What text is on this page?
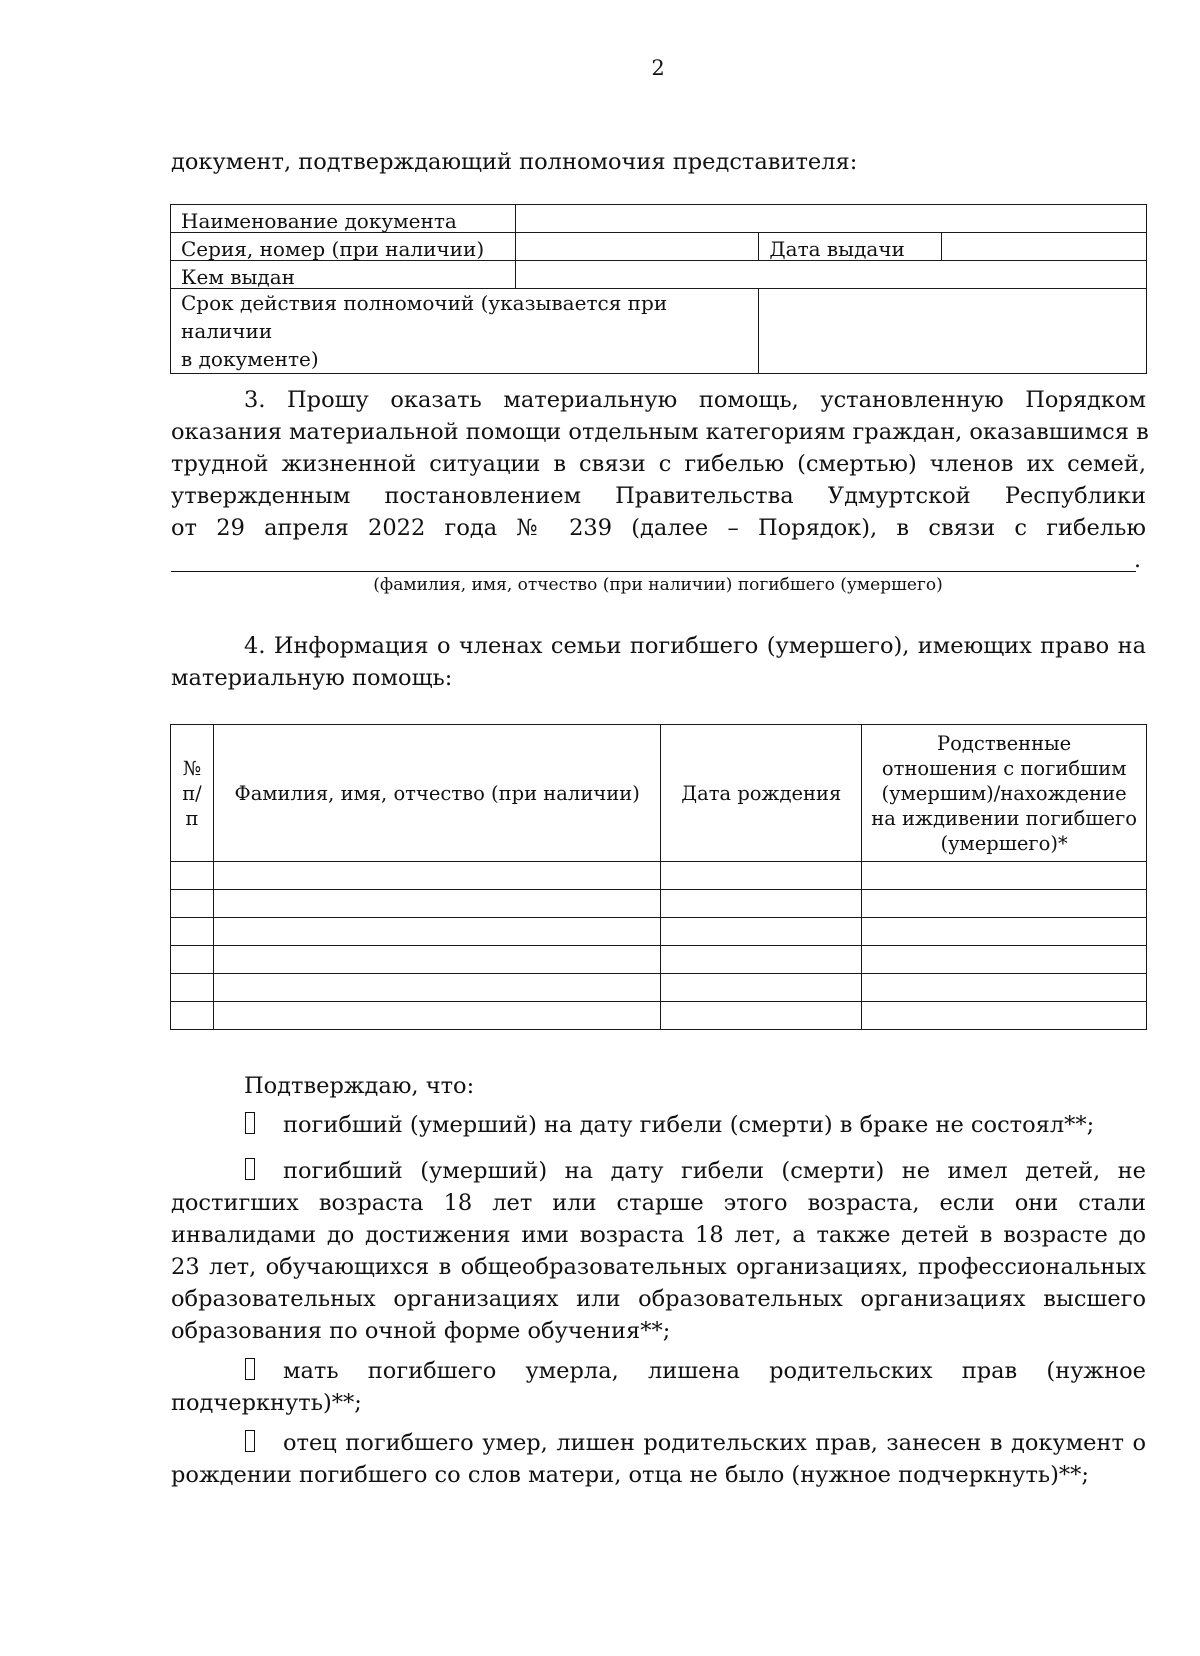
2
документ, подтверждающий полномочия представителя:
Наименование документа			
Серия, номер (при наличии)		Дата выдачи	
Кем выдан			
Срок действия полномочий (указывается при наличии
в документе)			
3. Прошу оказать материальную помощь, установленную Порядком
оказания материальной помощи отдельным категориям граждан, оказавшимся в
трудной жизненной ситуации в связи с гибелью (смертью) членов их семей,
утвержденным постановлением Правительства Удмуртской Республики
от 29 апреля 2022 года № 239 (далее – Порядок), в связи с гибелью
.
(фамилия, имя, отчество (при наличии) погибшего (умершего)
4. Информация о членах семьи погибшего (умершего), имеющих право на
материальную помощь:
№
п/п	Фамилия, имя, отчество (при наличии)	Дата рождения	Родственные
отношения с погибшим
(умершим)/нахождение
на иждивении погибшего
(умершего)*

Подтверждаю, что:
погибший (умерший) на дату гибели (смерти) в браке не состоял**;
погибший (умерший) на дату гибели (смерти) не имел детей, не
достигших возраста 18 лет или старше этого возраста, если они стали
инвалидами до достижения ими возраста 18 лет, а также детей в возрасте до
23 лет, обучающихся в общеобразовательных организациях, профессиональных
образовательных организациях или образовательных организациях высшего
образования по очной форме обучения**;
мать погибшего умерла, лишена родительских прав (нужное
подчеркнуть)**;
отец погибшего умер, лишен родительских прав, занесен в документ о
рождении погибшего со слов матери, отца не было (нужное подчеркнуть)**;
